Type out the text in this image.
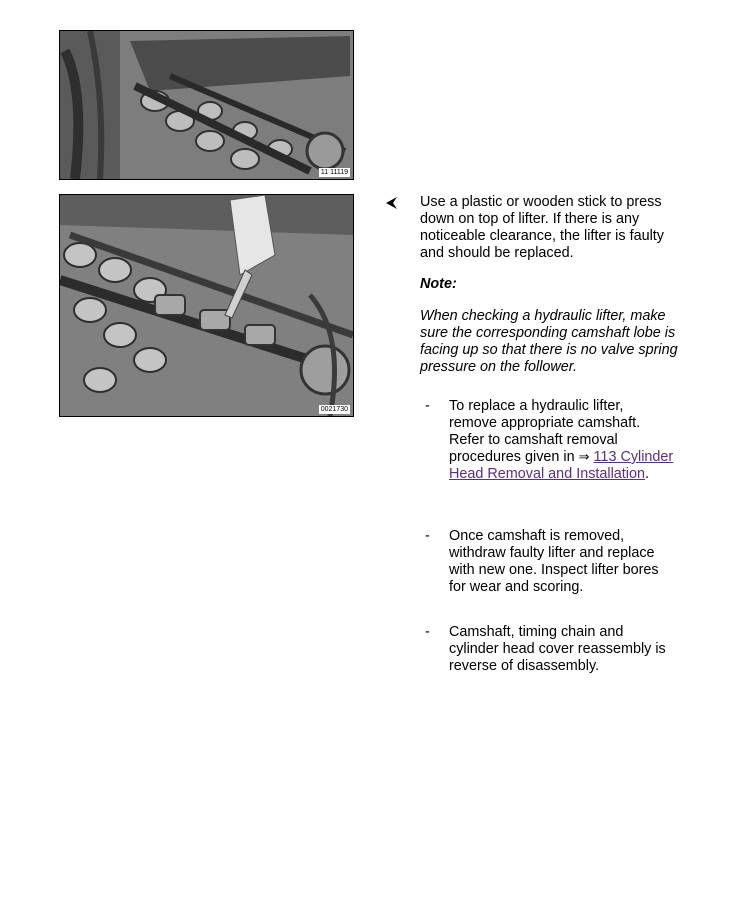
11 11119
0021730

Use a plastic or wooden stick to press down on top of lifter. If there is any noticeable clearance, the lifter is faulty and should be replaced.

Note:

When checking a hydraulic lifter, make sure the corresponding camshaft lobe is facing up so that there is no valve spring pressure on the follower.

- To replace a hydraulic lifter, remove appropriate camshaft. Refer to camshaft removal procedures given in ⇒ 113 Cylinder Head Removal and Installation.
- Once camshaft is removed, withdraw faulty lifter and replace with new one. Inspect lifter bores for wear and scoring.
- Camshaft, timing chain and cylinder head cover reassembly is reverse of disassembly.
